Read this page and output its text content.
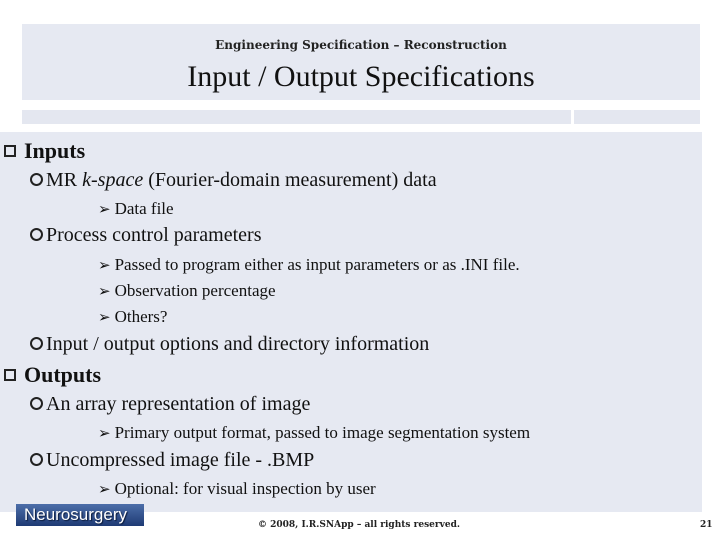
Engineering Specification – Reconstruction
Input / Output Specifications
Inputs
MR k-space (Fourier-domain measurement) data
➢ Data file
Process control parameters
➢ Passed to program either as input parameters or as .INI file.
➢ Observation percentage
➢ Others?
Input / output options and directory information
Outputs
An array representation of image
➢ Primary output format, passed to image segmentation system
Uncompressed image file - .BMP
➢ Optional: for visual inspection by user
Neurosurgery
© 2008, I.R.SNApp – all rights reserved.	21
